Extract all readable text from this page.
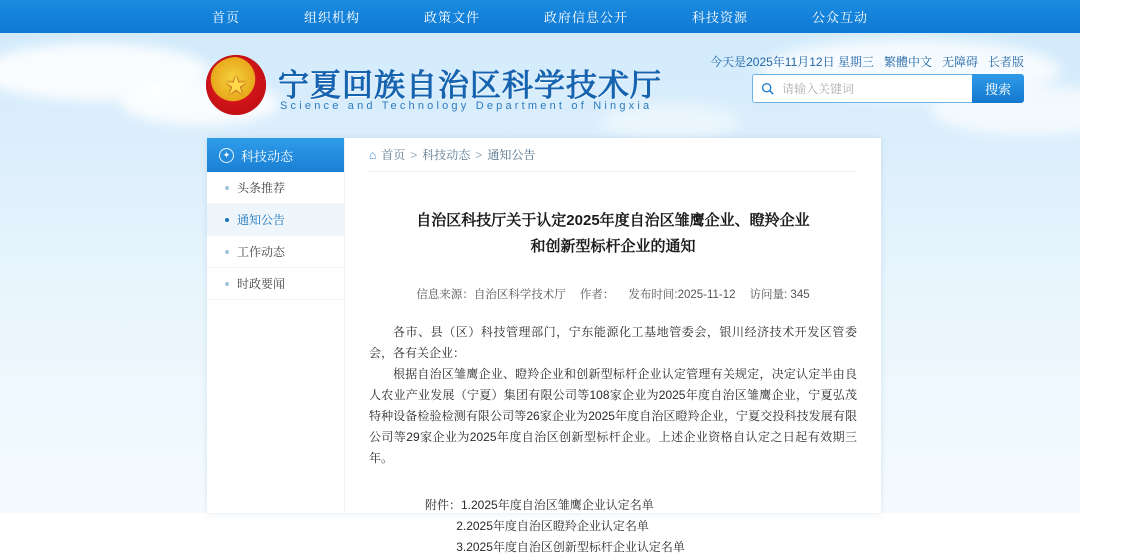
首页	组织机构	政策文件	政府信息公开	科技资源	公众互动
★
宁夏回族自治区科学技术厅
Science and Technology Department of Ningxia
今天是2025年11月12日 星期三 繁體中文 无障碍 长者版
请输入关键词
搜索
✦ 科技动态
头条推荐
通知公告
工作动态
时政要闻
⌂ 首页 > 科技动态 > 通知公告
自治区科技厅关于认定2025年度自治区雏鹰企业、瞪羚企业
和创新型标杆企业的通知
信息来源：自治区科学技术厅 作者： 发布时间:2025-11-12 访问量: 345

各市、县（区）科技管理部门，宁东能源化工基地管委会，银川经济技术开发区管委会，各有关企业：

根据自治区雏鹰企业、瞪羚企业和创新型标杆企业认定管理有关规定，决定认定半由良人农业产业发展（宁夏）集团有限公司等108家企业为2025年度自治区雏鹰企业，宁夏弘茂特种设备检验检测有限公司等26家企业为2025年度自治区瞪羚企业，宁夏交投科技发展有限公司等29家企业为2025年度自治区创新型标杆企业。上述企业资格自认定之日起有效期三年。

附件：1.2025年度自治区雏鹰企业认定名单
2.2025年度自治区瞪羚企业认定名单
3.2025年度自治区创新型标杆企业认定名单
